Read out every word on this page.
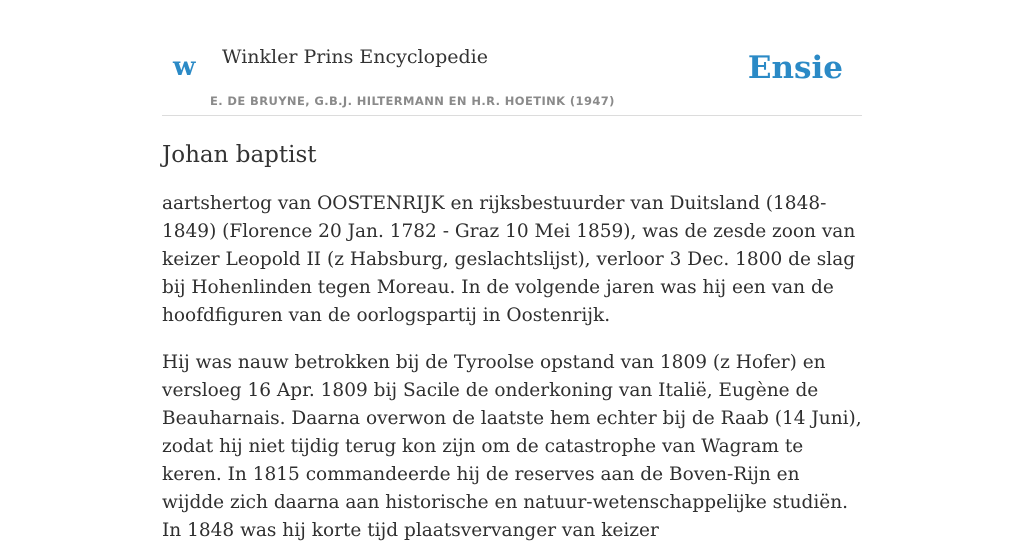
w Winkler Prins Encyclopedie
E. DE BRUYNE, G.B.J. HILTERMANN EN H.R. HOETINK (1947)
Ensie
Johan baptist

aartshertog van OOSTENRIJK en rijksbestuurder van Duitsland (1848-1849) (Florence 20 Jan. 1782 - Graz 10 Mei 1859), was de zesde zoon van keizer Leopold II (z Habsburg, geslachtslijst), verloor 3 Dec. 1800 de slag bij Hohenlinden tegen Moreau. In de volgende jaren was hij een van de hoofdfiguren van de oorlogspartij in Oostenrijk.

Hij was nauw betrokken bij de Tyroolse opstand van 1809 (z Hofer) en versloeg 16 Apr. 1809 bij Sacile de onderkoning van Italië, Eugène de Beauharnais. Daarna overwon de laatste hem echter bij de Raab (14 Juni), zodat hij niet tijdig terug kon zijn om de catastrophe van Wagram te keren. In 1815 commandeerde hij de reserves aan de Boven-Rijn en wijdde zich daarna aan historische en natuur-wetenschappelijke studiën. In 1848 was hij korte tijd plaatsvervanger van keizer
